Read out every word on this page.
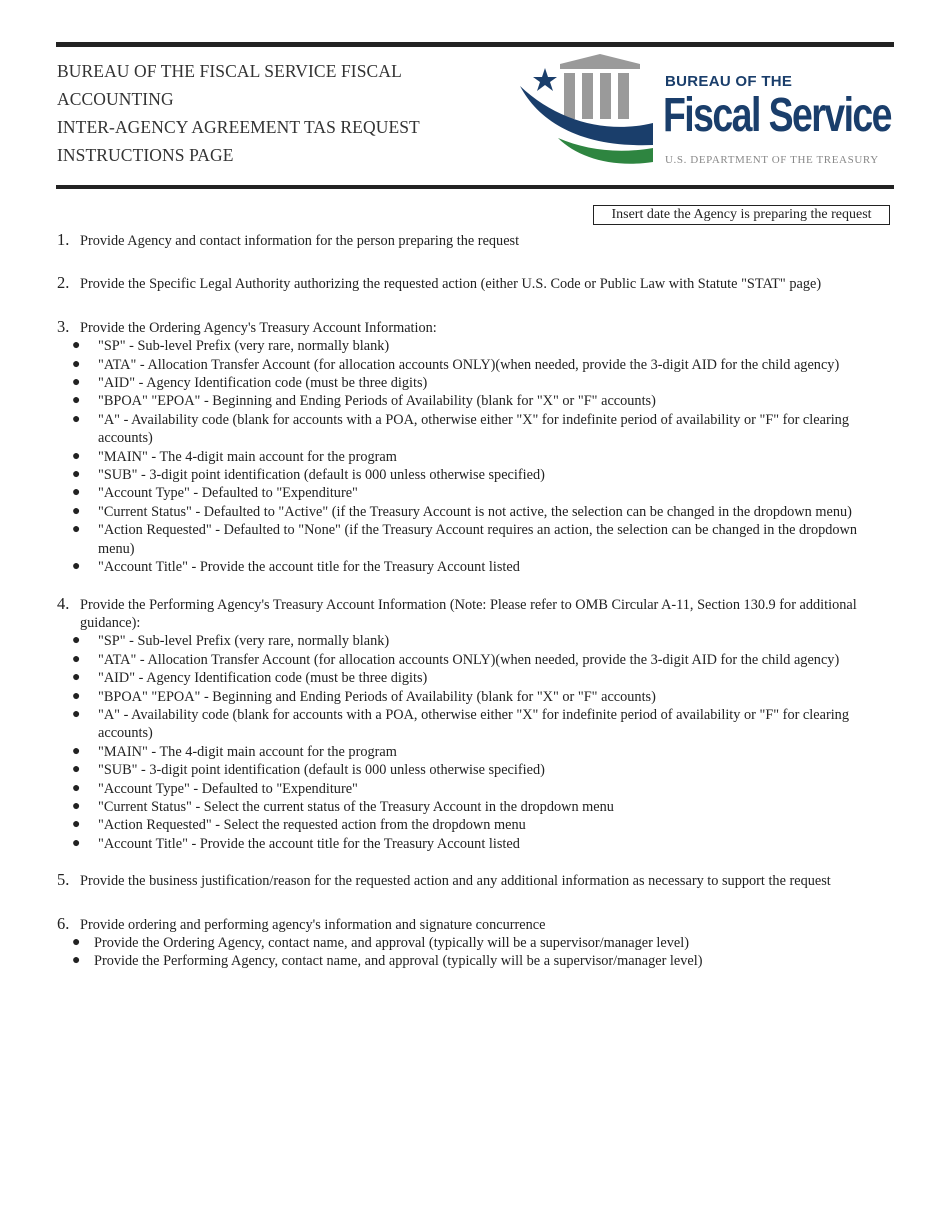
BUREAU OF THE FISCAL SERVICE FISCAL
ACCOUNTING
INTER-AGENCY AGREEMENT TAS REQUEST
INSTRUCTIONS PAGE
BUREAU OF THE
Fiscal Service
U.S. DEPARTMENT OF THE TREASURY
Insert date the Agency is preparing the request
1. Provide Agency and contact information for the person preparing the request
2. Provide the Specific Legal Authority authorizing the requested action (either U.S. Code or Public Law with Statute "STAT" page)
3. Provide the Ordering Agency's Treasury Account Information:
● "SP" - Sub-level Prefix (very rare, normally blank)
● "ATA" - Allocation Transfer Account (for allocation accounts ONLY)(when needed, provide the 3-digit AID for the child agency)
● "AID" - Agency Identification code (must be three digits)
● "BPOA" "EPOA" - Beginning and Ending Periods of Availability (blank for "X" or "F" accounts)
● "A" - Availability code (blank for accounts with a POA, otherwise either "X" for indefinite period of availability or "F" for clearing accounts)
● "MAIN" - The 4-digit main account for the program
● "SUB" - 3-digit point identification (default is 000 unless otherwise specified)
● "Account Type" - Defaulted to "Expenditure"
● "Current Status" - Defaulted to "Active" (if the Treasury Account is not active, the selection can be changed in the dropdown menu)
● "Action Requested" - Defaulted to "None" (if the Treasury Account requires an action, the selection can be changed in the dropdown menu)
● "Account Title" - Provide the account title for the Treasury Account listed
4. Provide the Performing Agency's Treasury Account Information (Note: Please refer to OMB Circular A-11, Section 130.9 for additional guidance):
● "SP" - Sub-level Prefix (very rare, normally blank)
● "ATA" - Allocation Transfer Account (for allocation accounts ONLY)(when needed, provide the 3-digit AID for the child agency)
● "AID" - Agency Identification code (must be three digits)
● "BPOA" "EPOA" - Beginning and Ending Periods of Availability (blank for "X" or "F" accounts)
● "A" - Availability code (blank for accounts with a POA, otherwise either "X" for indefinite period of availability or "F" for clearing accounts)
● "MAIN" - The 4-digit main account for the program
● "SUB" - 3-digit point identification (default is 000 unless otherwise specified)
● "Account Type" - Defaulted to "Expenditure"
● "Current Status" - Select the current status of the Treasury Account in the dropdown menu
● "Action Requested" - Select the requested action from the dropdown menu
● "Account Title" - Provide the account title for the Treasury Account listed
5. Provide the business justification/reason for the requested action and any additional information as necessary to support the request
6. Provide ordering and performing agency's information and signature concurrence
● Provide the Ordering Agency, contact name, and approval (typically will be a supervisor/manager level)
● Provide the Performing Agency, contact name, and approval (typically will be a supervisor/manager level)
